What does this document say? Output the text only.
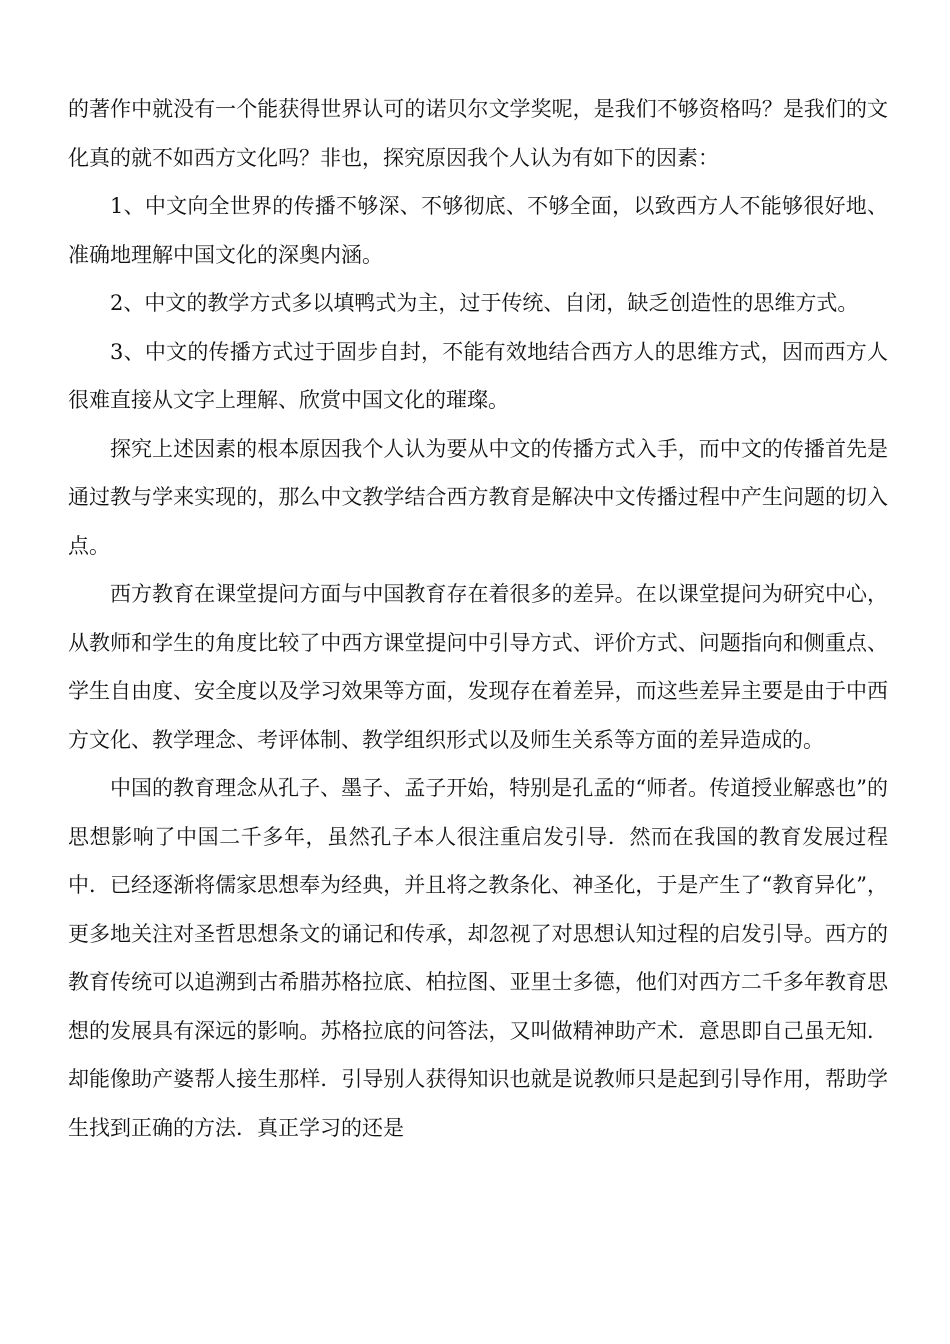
的著作中就没有一个能获得世界认可的诺贝尔文学奖呢，是我们不够资格吗？是我们的文化真的就不如西方文化吗？非也，探究原因我个人认为有如下的因素：

1、中文向全世界的传播不够深、不够彻底、不够全面，以致西方人不能够很好地、准确地理解中国文化的深奥内涵。

2、中文的教学方式多以填鸭式为主，过于传统、自闭，缺乏创造性的思维方式。

3、中文的传播方式过于固步自封，不能有效地结合西方人的思维方式，因而西方人很难直接从文字上理解、欣赏中国文化的璀璨。

探究上述因素的根本原因我个人认为要从中文的传播方式入手，而中文的传播首先是通过教与学来实现的，那么中文教学结合西方教育是解决中文传播过程中产生问题的切入点。

西方教育在课堂提问方面与中国教育存在着很多的差异。在以课堂提问为研究中心，从教师和学生的角度比较了中西方课堂提问中引导方式、评价方式、问题指向和侧重点、学生自由度、安全度以及学习效果等方面，发现存在着差异，而这些差异主要是由于中西方文化、教学理念、考评体制、教学组织形式以及师生关系等方面的差异造成的。

中国的教育理念从孔子、墨子、孟子开始，特别是孔孟的“师者。传道授业解惑也”的思想影响了中国二千多年，虽然孔子本人很注重启发引导．然而在我国的教育发展过程中．已经逐渐将儒家思想奉为经典，并且将之教条化、神圣化，于是产生了“教育异化”，更多地关注对圣哲思想条文的诵记和传承，却忽视了对思想认知过程的启发引导。西方的教育传统可以追溯到古希腊苏格拉底、柏拉图、亚里士多德，他们对西方二千多年教育思想的发展具有深远的影响。苏格拉底的问答法，又叫做精神助产术．意思即自己虽无知．却能像助产婆帮人接生那样．引导别人获得知识也就是说教师只是起到引导作用，帮助学生找到正确的方法．真正学习的还是
